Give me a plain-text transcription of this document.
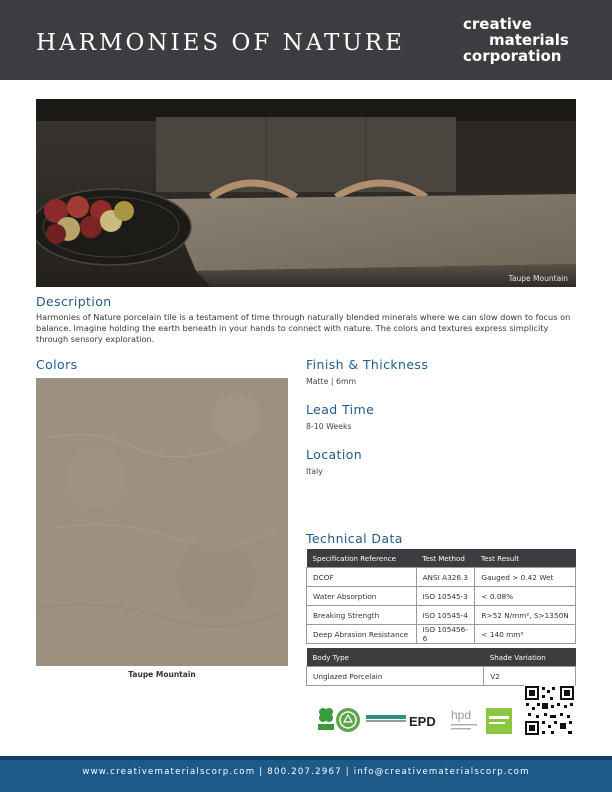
HARMONIES OF NATURE
creative
materials
corporation
Taupe Mountain
Description
Harmonies of Nature porcelain tile is a testament of time through naturally blended minerals where we can slow down to focus on balance. Imagine holding the earth beneath in your hands to connect with nature. The colors and textures express simplicity through sensory exploration.
Colors
Taupe Mountain
Finish & Thickness
Matte | 6mm
Lead Time
8-10 Weeks
Location
Italy
Technical Data
Specification Reference	Test Method	Test Result
DCOF	ANSI A326.3	Gauged > 0.42 Wet
Water Absorption	ISO 10545-3	< 0.08%
Breaking Strength	ISO 10545-4	R>52 N/mm², S>1350N
Deep Abrasion Resistance	ISO 105456-6	< 140 mm³
Body Type	Shade Variation
Unglazed Porcelain	V2
EPD hpd
www.creativematerialscorp.com | 800.207.2967 | info@creativematerialscorp.com
